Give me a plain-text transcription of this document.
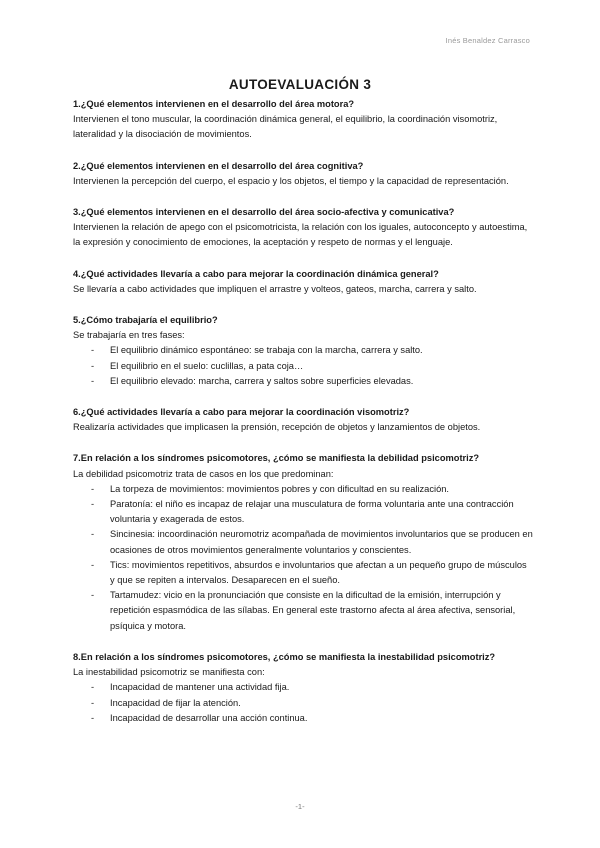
Inés Benaldez Carrasco
AUTOEVALUACIÓN 3

1.¿Qué elementos intervienen en el desarrollo del área motora?

Intervienen el tono muscular, la coordinación dinámica general, el equilibrio, la coordinación visomotriz, lateralidad y la disociación de movimientos.

2.¿Qué elementos intervienen en el desarrollo del área cognitiva?

Intervienen la percepción del cuerpo, el espacio y los objetos, el tiempo y la capacidad de representación.

3.¿Qué elementos intervienen en el desarrollo del área socio-afectiva y comunicativa?

Intervienen la relación de apego con el psicomotricista, la relación con los iguales, autoconcepto y autoestima, la expresión y conocimiento de emociones, la aceptación y respeto de normas y el lenguaje.

4.¿Qué actividades llevaría a cabo para mejorar la coordinación dinámica general?

Se llevaría a cabo actividades que impliquen el arrastre y volteos, gateos, marcha, carrera y salto.

5.¿Cómo trabajaría el equilibrio?

Se trabajaría en tres fases:

- El equilibrio dinámico espontáneo: se trabaja con la marcha, carrera y salto.
- El equilibrio en el suelo: cuclillas, a pata coja…
- El equilibrio elevado: marcha, carrera y saltos sobre superficies elevadas.

6.¿Qué actividades llevaría a cabo para mejorar la coordinación visomotriz?

Realizaría actividades que implicasen la prensión, recepción de objetos y lanzamientos de objetos.

7.En relación a los síndromes psicomotores, ¿cómo se manifiesta la debilidad psicomotriz?

La debilidad psicomotriz trata de casos en los que predominan:

- La torpeza de movimientos: movimientos pobres y con dificultad en su realización.
- Paratonía: el niño es incapaz de relajar una musculatura de forma voluntaria ante una contracción voluntaria y exagerada de estos.
- Sincinesia: incoordinación neuromotriz acompañada de movimientos involuntarios que se producen en ocasiones de otros movimientos generalmente voluntarios y conscientes.
- Tics: movimientos repetitivos, absurdos e involuntarios que afectan a un pequeño grupo de músculos y que se repiten a intervalos. Desaparecen en el sueño.
- Tartamudez: vicio en la pronunciación que consiste en la dificultad de la emisión, interrupción y repetición espasmódica de las sílabas. En general este trastorno afecta al área afectiva, sensorial, psíquica y motora.

8.En relación a los síndromes psicomotores, ¿cómo se manifiesta la inestabilidad psicomotriz?

La inestabilidad psicomotriz se manifiesta con:

- Incapacidad de mantener una actividad fija.
- Incapacidad de fijar la atención.
- Incapacidad de desarrollar una acción continua.
-1-
